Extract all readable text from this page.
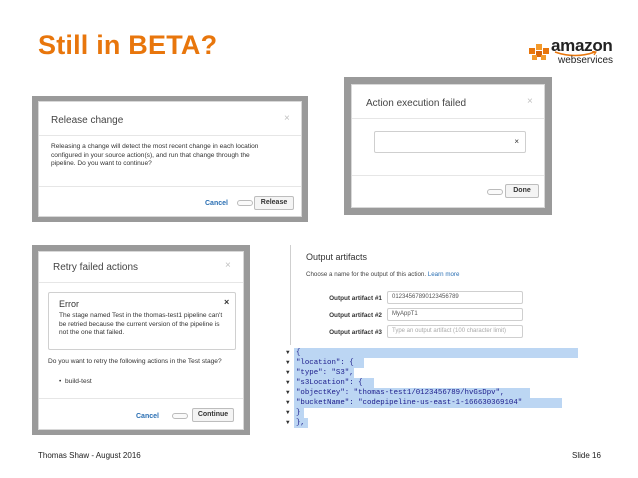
Still in BETA?	amazon
webservices
Release change	×
Releasing a change will detect the most recent change in each location configured in your source action(s), and run that change through the pipeline. Do you want to continue?
Cancel	Release
Action execution failed	×
×
Done
Retry failed actions	×
Error	×
The stage named Test in the thomas-test1 pipeline can't be retried because the current version of the pipeline is not the one that failed.
Do you want to retry the following actions in the Test stage?
•  build-test
Cancel	Continue
Output artifacts
Choose a name for the output of this action. Learn more
Output artifact #1	01234567890123456789
Output artifact #2	MyAppT1
Output artifact #3	Type an output artifact (100 character limit)
▼ {
▼ "location": {
▼ "type": "S3",
▼ "s3Location": {
▼ "objectKey": "thomas-test1/0123456789/hvGsDpv",
▼ "bucketName": "codepipeline-us-east-1-166630369104"
▼ }
▼ },
Thomas Shaw - August 2016	Slide 16
